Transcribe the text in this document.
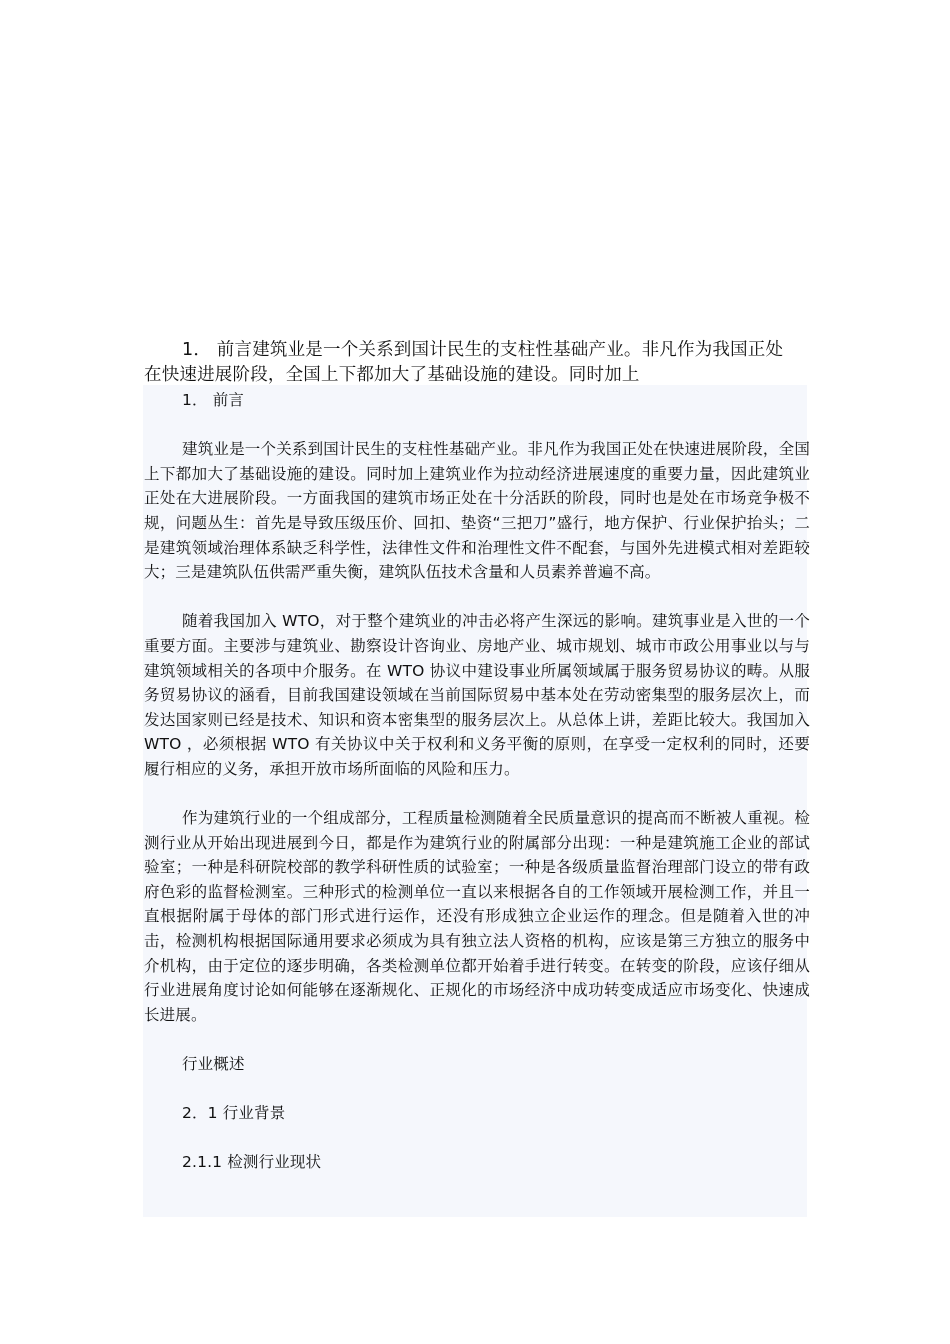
1． 前言建筑业是一个关系到国计民生的支柱性基础产业。非凡作为我国正处
在快速进展阶段，全国上下都加大了基础设施的建设。同时加上

1． 前言

建筑业是一个关系到国计民生的支柱性基础产业。非凡作为我国正处在快速进展阶段，全国上下都加大了基础设施的建设。同时加上建筑业作为拉动经济进展速度的重要力量，因此建筑业正处在大进展阶段。一方面我国的建筑市场正处在十分活跃的阶段，同时也是处在市场竞争极不规，问题丛生：首先是导致压级压价、回扣、垫资“三把刀”盛行，地方保护、行业保护抬头；二是建筑领域治理体系缺乏科学性，法律性文件和治理性文件不配套，与国外先进模式相对差距较大；三是建筑队伍供需严重失衡，建筑队伍技术含量和人员素养普遍不高。

随着我国加入 WTO，对于整个建筑业的冲击必将产生深远的影响。建筑事业是入世的一个重要方面。主要涉与建筑业、勘察设计咨询业、房地产业、城市规划、城市市政公用事业以与与建筑领域相关的各项中介服务。在 WTO 协议中建设事业所属领域属于服务贸易协议的畴。从服务贸易协议的涵看，目前我国建设领域在当前国际贸易中基本处在劳动密集型的服务层次上，而发达国家则已经是技术、知识和资本密集型的服务层次上。从总体上讲，差距比较大。我国加入 WTO ，必须根据 WTO 有关协议中关于权利和义务平衡的原则，在享受一定权利的同时，还要履行相应的义务，承担开放市场所面临的风险和压力。

作为建筑行业的一个组成部分，工程质量检测随着全民质量意识的提高而不断被人重视。检测行业从开始出现进展到今日，都是作为建筑行业的附属部分出现：一种是建筑施工企业的部试验室；一种是科研院校部的教学科研性质的试验室；一种是各级质量监督治理部门设立的带有政府色彩的监督检测室。三种形式的检测单位一直以来根据各自的工作领域开展检测工作，并且一直根据附属于母体的部门形式进行运作，还没有形成独立企业运作的理念。但是随着入世的冲击，检测机构根据国际通用要求必须成为具有独立法人资格的机构，应该是第三方独立的服务中介机构，由于定位的逐步明确，各类检测单位都开始着手进行转变。在转变的阶段，应该仔细从行业进展角度讨论如何能够在逐渐规化、正规化的市场经济中成功转变成适应市场变化、快速成长进展。

行业概述

2．1 行业背景

2.1.1 检测行业现状
